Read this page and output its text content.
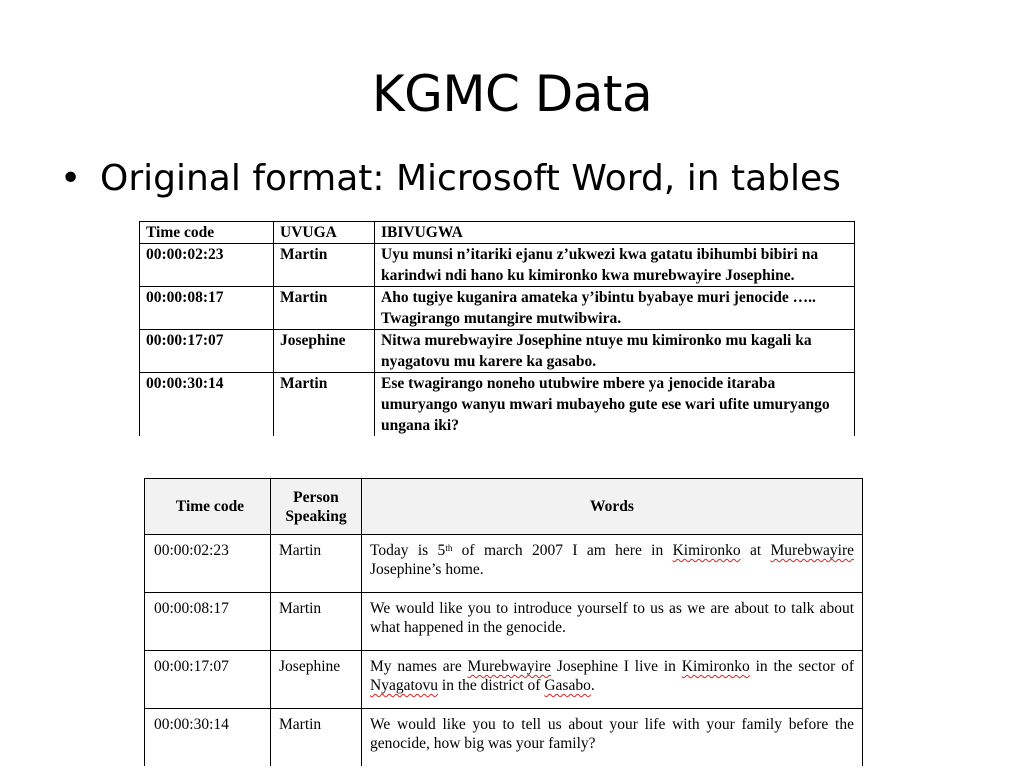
KGMC Data
• Original format: Microsoft Word, in tables
Time code	UVUGA	IBIVUGWA
00:00:02:23	Martin	Uyu munsi n’itariki ejanu z’ukwezi kwa gatatu ibihumbi bibiri na karindwi ndi hano ku kimironko kwa murebwayire Josephine.
00:00:08:17	Martin	Aho tugiye kuganira amateka y’ibintu byabaye muri jenocide ….. Twagirango mutangire mutwibwira.
00:00:17:07	Josephine	Nitwa murebwayire Josephine ntuye mu kimironko mu kagali ka nyagatovu mu karere ka gasabo.
00:00:30:14	Martin	Ese twagirango noneho utubwire mbere ya jenocide itaraba umuryango wanyu mwari mubayeho gute ese wari ufite umuryango ungana iki?
Time code	Person Speaking	Words
00:00:02:23	Martin	Today is 5th of march 2007 I am here in Kimironko at Murebwayire Josephine’s home.
00:00:08:17	Martin	We would like you to introduce yourself to us as we are about to talk about what happened in the genocide.
00:00:17:07	Josephine	My names are Murebwayire Josephine I live in Kimironko in the sector of Nyagatovu in the district of Gasabo.
00:00:30:14	Martin	We would like you to tell us about your life with your family before the genocide, how big was your family?
